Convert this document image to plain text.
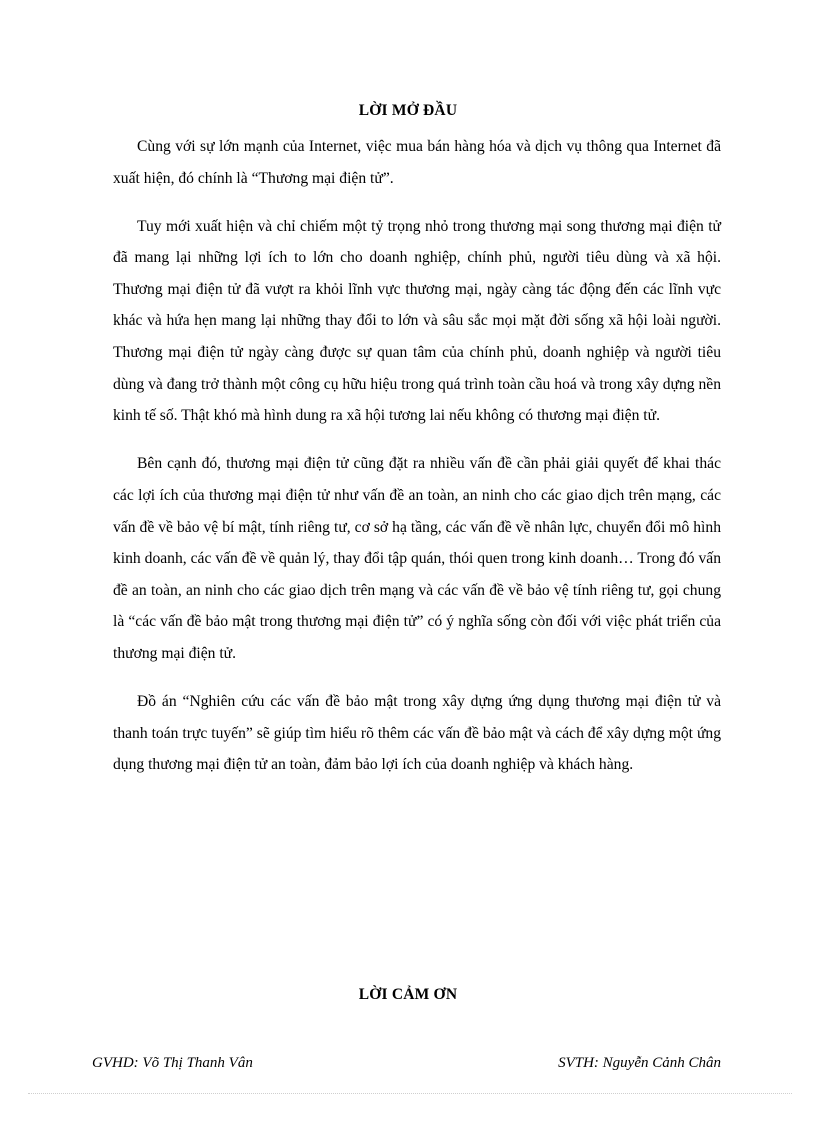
LỜI MỞ ĐẦU

Cùng với sự lớn mạnh của Internet, việc mua bán hàng hóa và dịch vụ thông qua Internet đã xuất hiện, đó chính là “Thương mại điện tử”.

Tuy mới xuất hiện và chỉ chiếm một tỷ trọng nhỏ trong thương mại song thương mại điện tử đã mang lại những lợi ích to lớn cho doanh nghiệp, chính phủ, người tiêu dùng và xã hội. Thương mại điện tử đã vượt ra khỏi lĩnh vực thương mại, ngày càng tác động đến các lĩnh vực khác và hứa hẹn mang lại những thay đổi to lớn và sâu sắc mọi mặt đời sống xã hội loài người. Thương mại điện tử ngày càng được sự quan tâm của chính phủ, doanh nghiệp và người tiêu dùng và đang trở thành một công cụ hữu hiệu trong quá trình toàn cầu hoá và trong xây dựng nền kinh tế số. Thật khó mà hình dung ra xã hội tương lai nếu không có thương mại điện tử.

Bên cạnh đó, thương mại điện tử cũng đặt ra nhiều vấn đề cần phải giải quyết để khai thác các lợi ích của thương mại điện tử như vấn đề an toàn, an ninh cho các giao dịch trên mạng, các vấn đề về bảo vệ bí mật, tính riêng tư, cơ sở hạ tầng, các vấn đề về nhân lực, chuyển đổi mô hình kinh doanh, các vấn đề về quản lý, thay đổi tập quán, thói quen trong kinh doanh… Trong đó vấn đề an toàn, an ninh cho các giao dịch trên mạng và các vấn đề về bảo vệ tính riêng tư, gọi chung là “các vấn đề bảo mật trong thương mại điện tử” có ý nghĩa sống còn đối với việc phát triển của thương mại điện tử.

Đồ án “Nghiên cứu các vấn đề bảo mật trong xây dựng ứng dụng thương mại điện tử và thanh toán trực tuyến” sẽ giúp tìm hiểu rõ thêm các vấn đề bảo mật và cách để xây dựng một ứng dụng thương mại điện tử an toàn, đảm bảo lợi ích của doanh nghiệp và khách hàng.

LỜI CẢM ƠN
GVHD: Võ Thị Thanh Vân	SVTH: Nguyễn Cảnh Chân
